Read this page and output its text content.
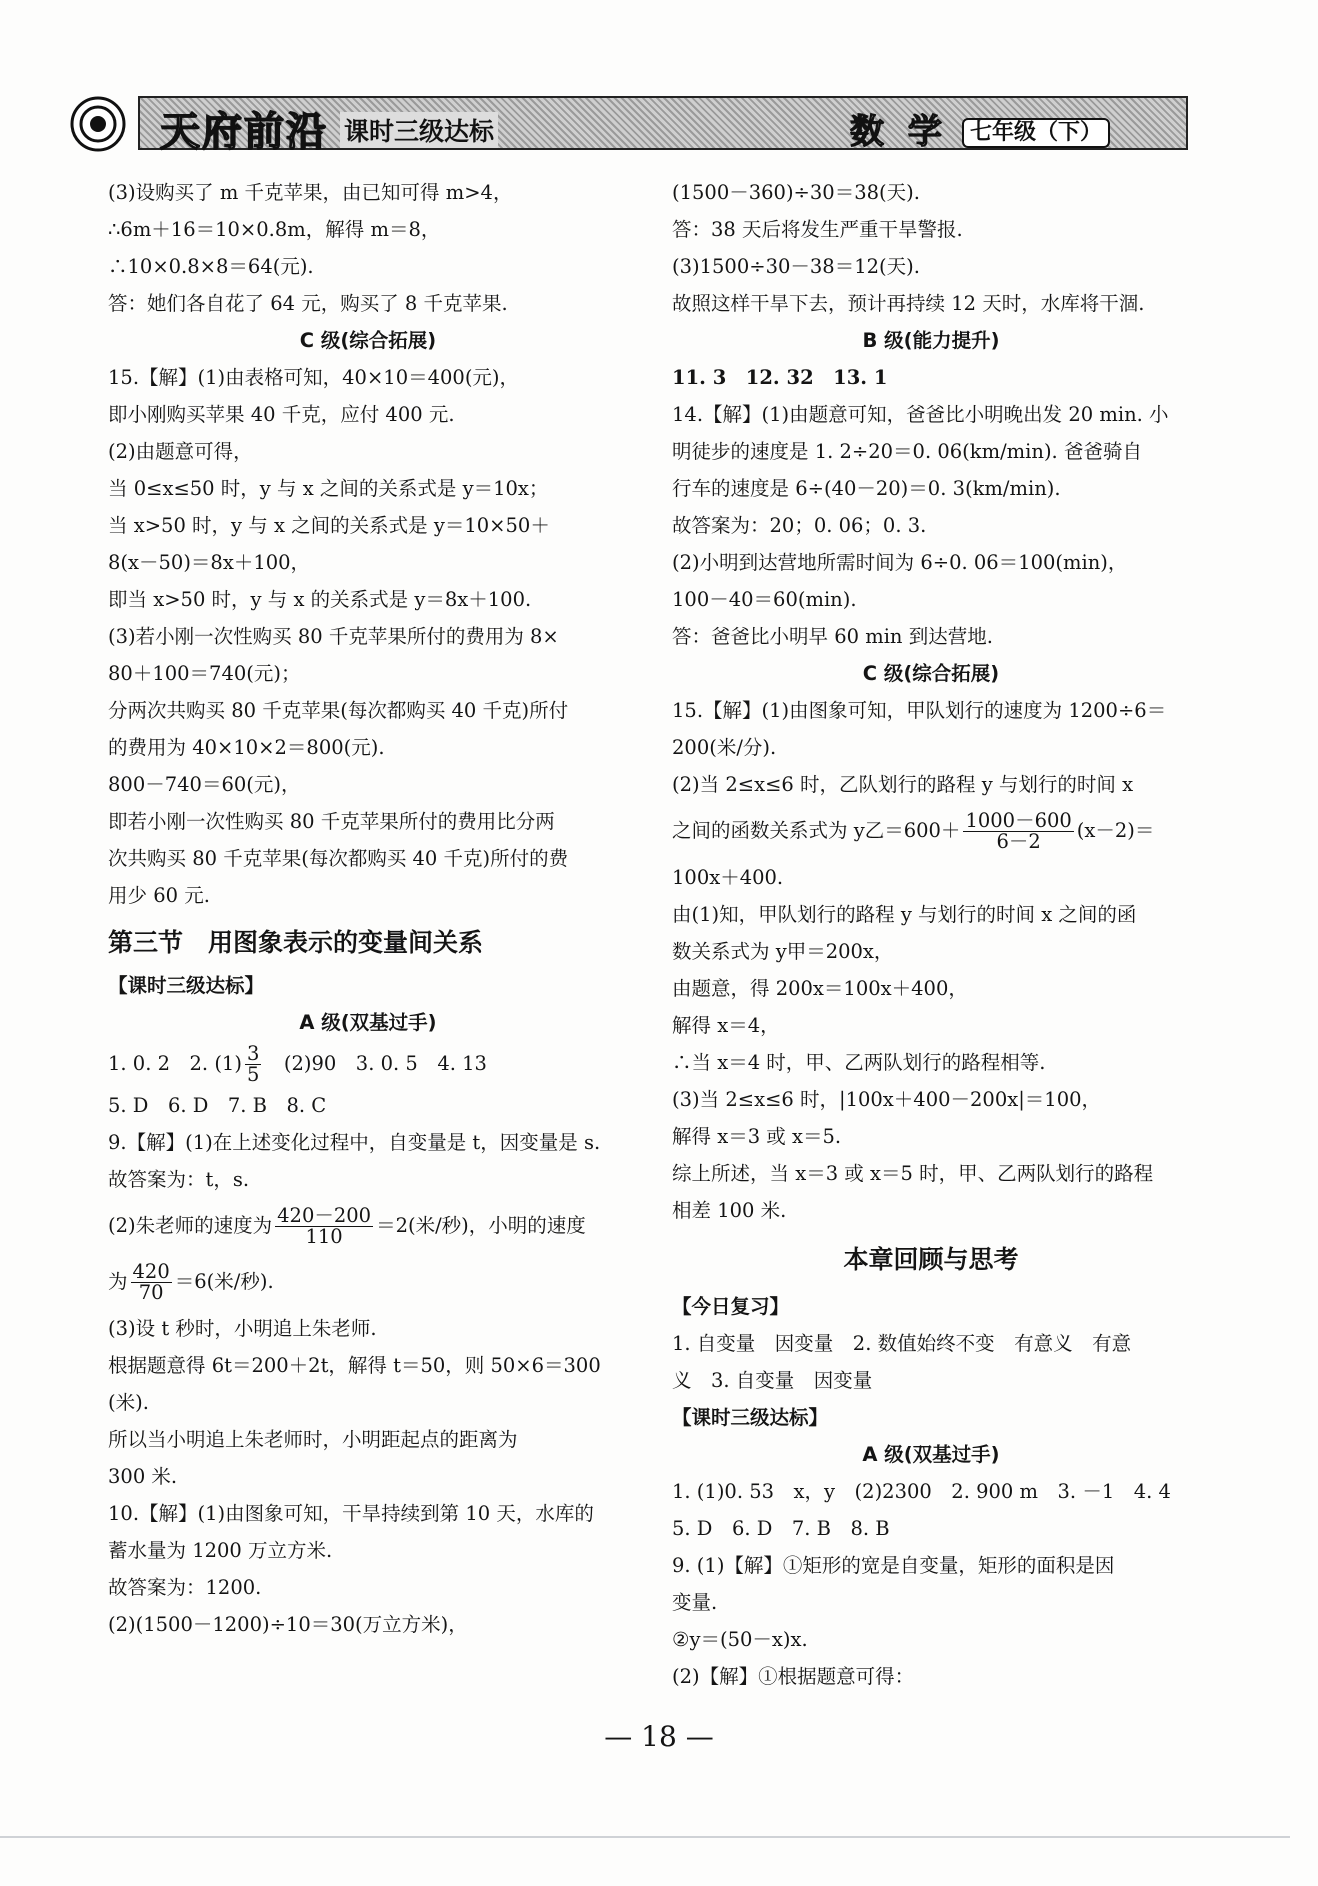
天府前沿 课时三级达标	数 学	七年级（下）
(3)设购买了 m 千克苹果，由已知可得 m>4，
∴6m＋16＝10×0.8m，解得 m＝8，
∴10×0.8×8＝64(元).
答：她们各自花了 64 元，购买了 8 千克苹果.
C 级(综合拓展)
15.【解】(1)由表格可知，40×10＝400(元)，
即小刚购买苹果 40 千克，应付 400 元.
(2)由题意可得，
当 0≤x≤50 时，y 与 x 之间的关系式是 y＝10x；
当 x>50 时，y 与 x 之间的关系式是 y＝10×50＋
8(x－50)＝8x＋100，
即当 x>50 时，y 与 x 的关系式是 y＝8x＋100.
(3)若小刚一次性购买 80 千克苹果所付的费用为 8×
80＋100＝740(元)；
分两次共购买 80 千克苹果(每次都购买 40 千克)所付
的费用为 40×10×2＝800(元).
800－740＝60(元)，
即若小刚一次性购买 80 千克苹果所付的费用比分两
次共购买 80 千克苹果(每次都购买 40 千克)所付的费
用少 60 元.
第三节　用图象表示的变量间关系
【课时三级达标】
A 级(双基过手)
1. 0. 2　2. $(1) \frac{3}{5}$ 　(2)90　3. 0. 5　4. 13
5. D　6. D　7. B　8. C
9.【解】(1)在上述变化过程中，自变量是 t，因变量是 s.
故答案为：t，s.
(2)朱老师的速度为 $\frac{420-200}{110} =2$(米/秒)，小明的速度
为 $\frac{420}{70} =6$(米/秒).
(3)设 t 秒时，小明追上朱老师.
根据题意得 6t＝200＋2t，解得 t＝50，则 50×6＝300
(米).
所以当小明追上朱老师时，小明距起点的距离为
300 米.
10.【解】(1)由图象可知，干旱持续到第 10 天，水库的
蓄水量为 1200 万立方米.
故答案为：1200.
(2)(1500－1200)÷10＝30(万立方米)，
(1500－360)÷30＝38(天).
答：38 天后将发生严重干旱警报.
(3)1500÷30－38＝12(天).
故照这样干旱下去，预计再持续 12 天时，水库将干涸.
B 级(能力提升)
11. 3　12. 32　13. 1
14.【解】(1)由题意可知，爸爸比小明晚出发 20 min. 小
明徒步的速度是 1. 2÷20＝0. 06(km/min). 爸爸骑自
行车的速度是 6÷(40－20)＝0. 3(km/min).
故答案为：20；0. 06；0. 3.
(2)小明到达营地所需时间为 6÷0. 06＝100(min)，
100－40＝60(min).
答：爸爸比小明早 60 min 到达营地.
C 级(综合拓展)
15.【解】(1)由图象可知，甲队划行的速度为 1200÷6＝
200(米/分).
(2)当 2≤x≤6 时，乙队划行的路程 y 与划行的时间 x
之间的函数关系式为 y乙$=600+ \frac{1000-600}{6-2} (x-2)=$
100x＋400.
由(1)知，甲队划行的路程 y 与划行的时间 x 之间的函
数关系式为 y甲＝200x，
由题意，得 200x＝100x＋400，
解得 x＝4，
∴当 x＝4 时，甲、乙两队划行的路程相等.
(3)当 2≤x≤6 时，|100x＋400－200x|＝100，
解得 x＝3 或 x＝5.
综上所述，当 x＝3 或 x＝5 时，甲、乙两队划行的路程
相差 100 米.
本章回顾与思考
【今日复习】
1. 自变量　因变量　2. 数值始终不变　有意义　有意
义　3. 自变量　因变量
【课时三级达标】
A 级(双基过手)
1. (1)0. 53　x，y　(2)2300　2. 900 m　3. －1　4. 4
5. D　6. D　7. B　8. B
9. (1)【解】①矩形的宽是自变量，矩形的面积是因
变量.
②y＝(50－x)x.
(2)【解】①根据题意可得：
— 18 —
